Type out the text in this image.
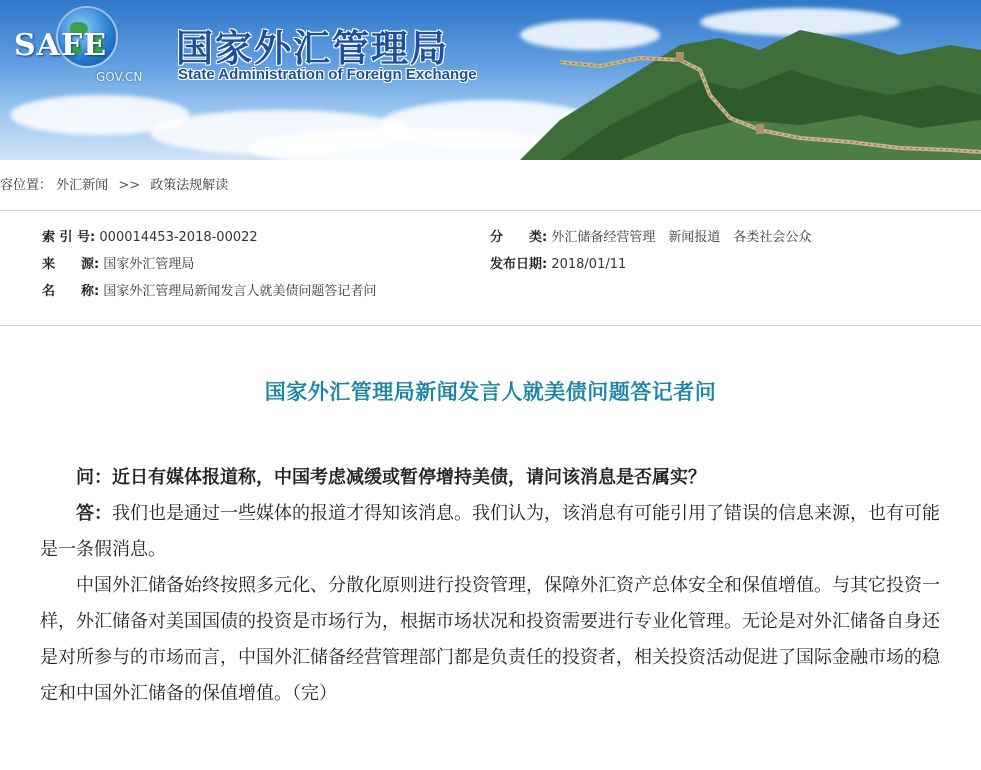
SAFE
GOV.CN
国家外汇管理局
State Administration of Foreign Exchange
容位置： 外汇新闻 >> 政策法规解读
索 引 号: 000014453-2018-00022	分　　类: 外汇储备经营管理　新闻报道　各类社会公众
来　　源: 国家外汇管理局	发布日期: 2018/01/11
名　　称: 国家外汇管理局新闻发言人就美债问题答记者问
国家外汇管理局新闻发言人就美债问题答记者问

问：近日有媒体报道称，中国考虑减缓或暂停增持美债，请问该消息是否属实？

答：我们也是通过一些媒体的报道才得知该消息。我们认为，该消息有可能引用了错误的信息来源，也有可能是一条假消息。

中国外汇储备始终按照多元化、分散化原则进行投资管理，保障外汇资产总体安全和保值增值。与其它投资一样，外汇储备对美国国债的投资是市场行为，根据市场状况和投资需要进行专业化管理。无论是对外汇储备自身还是对所参与的市场而言，中国外汇储备经营管理部门都是负责任的投资者，相关投资活动促进了国际金融市场的稳定和中国外汇储备的保值增值。（完）
